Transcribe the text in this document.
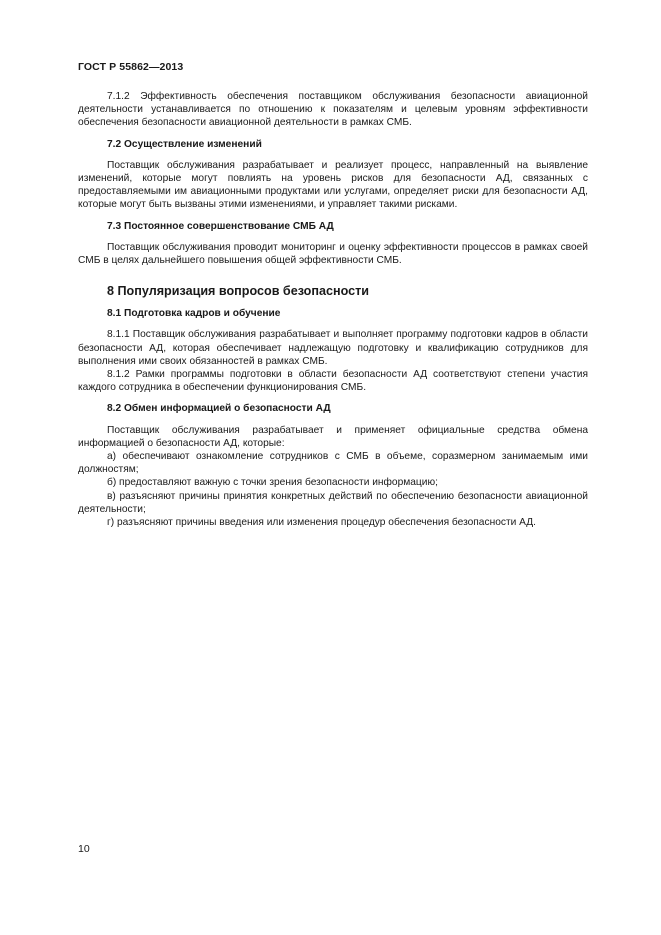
ГОСТ Р 55862—2013

7.1.2 Эффективность обеспечения поставщиком обслуживания безопасности авиационной деятельности устанавливается по отношению к показателям и целевым уровням эффективности обеспечения безопасности авиационной деятельности в рамках СМБ.

7.2 Осуществление изменений

Поставщик обслуживания разрабатывает и реализует процесс, направленный на выявление изменений, которые могут повлиять на уровень рисков для безопасности АД, связанных с предоставляемыми им авиационными продуктами или услугами, определяет риски для безопасности АД, которые могут быть вызваны этими изменениями, и управляет такими рисками.

7.3 Постоянное совершенствование СМБ АД

Поставщик обслуживания проводит мониторинг и оценку эффективности процессов в рамках своей СМБ в целях дальнейшего повышения общей эффективности СМБ.

8 Популяризация вопросов безопасности

8.1 Подготовка кадров и обучение

8.1.1 Поставщик обслуживания разрабатывает и выполняет программу подготовки кадров в области безопасности АД, которая обеспечивает надлежащую подготовку и квалификацию сотрудников для выполнения ими своих обязанностей в рамках СМБ.

8.1.2 Рамки программы подготовки в области безопасности АД соответствуют степени участия каждого сотрудника в обеспечении функционирования СМБ.

8.2 Обмен информацией о безопасности АД

Поставщик обслуживания разрабатывает и применяет официальные средства обмена информацией о безопасности АД, которые:

а) обеспечивают ознакомление сотрудников с СМБ в объеме, соразмерном занимаемым ими должностям;

б) предоставляют важную с точки зрения безопасности информацию;

в) разъясняют причины принятия конкретных действий по обеспечению безопасности авиационной деятельности;

г) разъясняют причины введения или изменения процедур обеспечения безопасности АД.

10
